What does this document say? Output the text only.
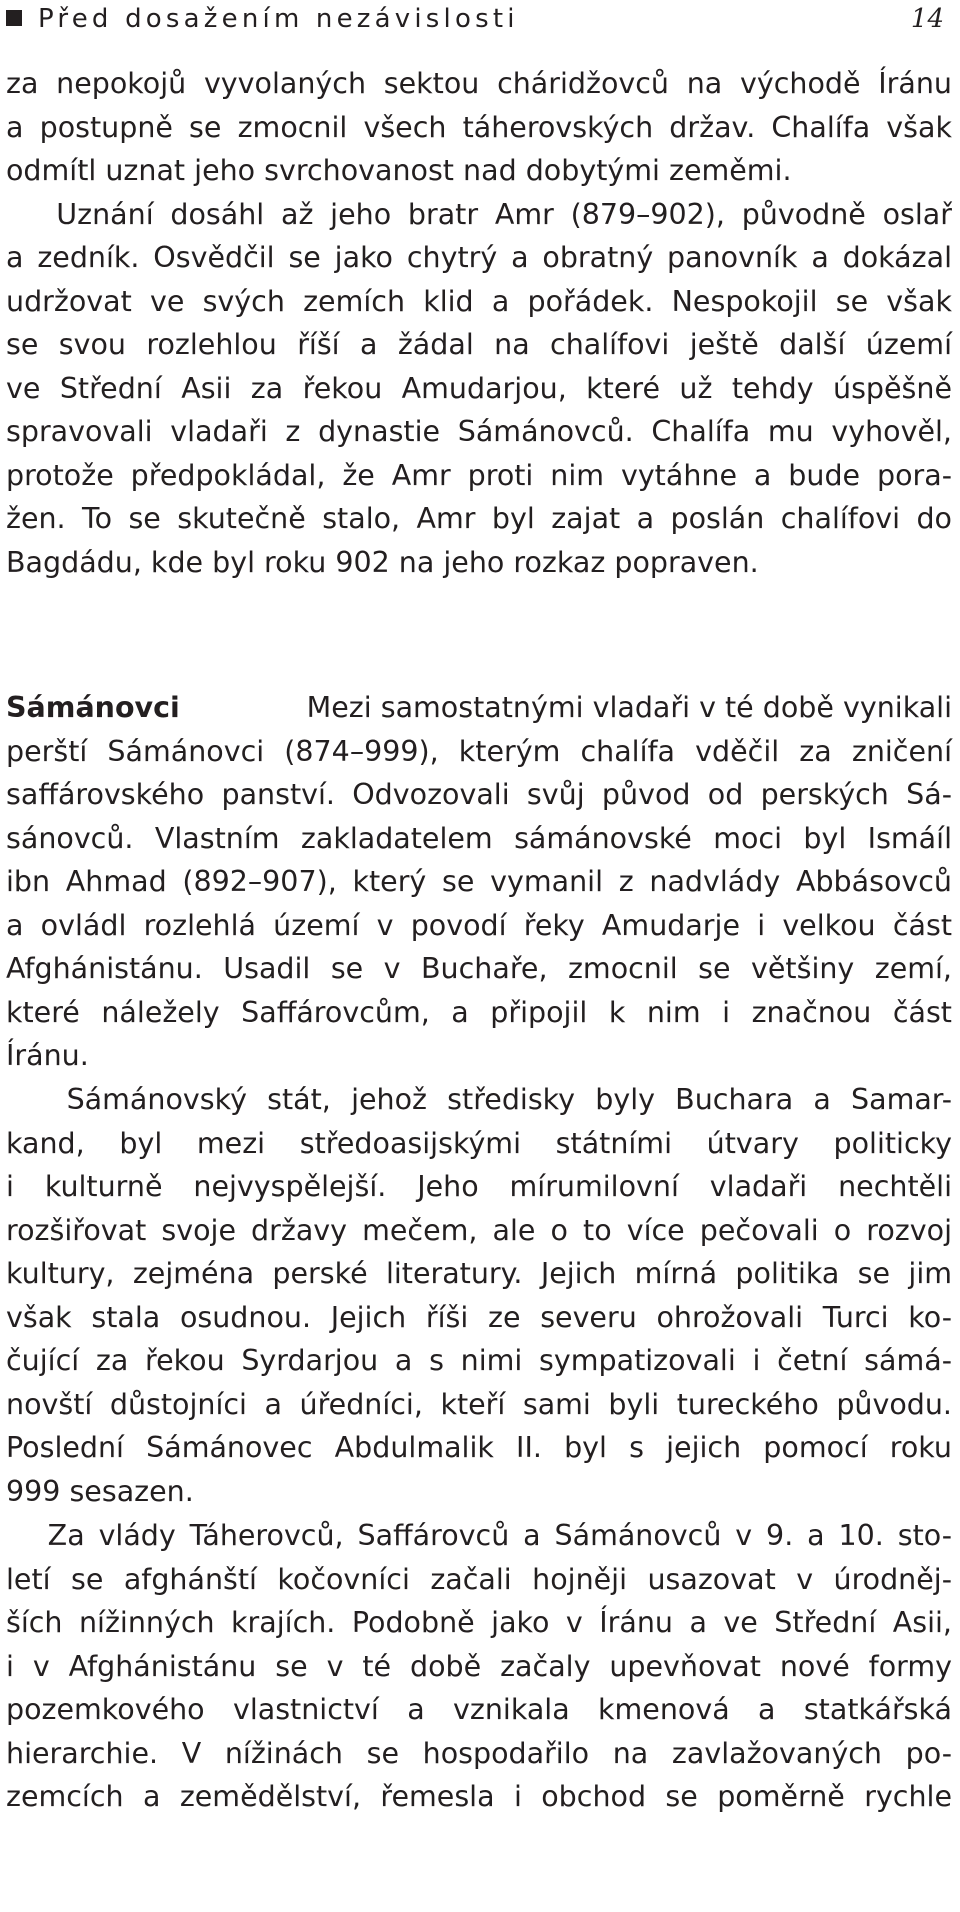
Před dosažením nezávislosti	14
za nepokojů vyvolaných sektou cháridžovců na východě Íránu
a postupně se zmocnil všech táherovských držav. Chalífa však
odmítl uznat jeho svrchovanost nad dobytými zeměmi.
Uznání dosáhl až jeho bratr Amr (879–902), původně oslař
a zedník. Osvědčil se jako chytrý a obratný panovník a dokázal
udržovat ve svých zemích klid a pořádek. Nespokojil se však
se svou rozlehlou říší a žádal na chalífovi ještě další území
ve Střední Asii za řekou Amudarjou, které už tehdy úspěšně
spravovali vladaři z dynastie Sámánovců. Chalífa mu vyhověl,
protože předpokládal, že Amr proti nim vytáhne a bude pora-
žen. To se skutečně stalo, Amr byl zajat a poslán chalífovi do
Bagdádu, kde byl roku 902 na jeho rozkaz popraven.
Sámánovci	Mezi samostatnými vladaři v té době vynikali
perští Sámánovci (874–999), kterým chalífa vděčil za zničení
saffárovského panství. Odvozovali svůj původ od perských Sá-
sánovců. Vlastním zakladatelem sámánovské moci byl Ismáíl
ibn Ahmad (892–907), který se vymanil z nadvlády Abbásovců
a ovládl rozlehlá území v povodí řeky Amudarje i velkou část
Afghánistánu. Usadil se v Buchaře, zmocnil se většiny zemí,
které náležely Saffárovcům, a připojil k nim i značnou část
Íránu.
Sámánovský stát, jehož středisky byly Buchara a Samar-
kand, byl mezi středoasijskými státními útvary politicky
i kulturně nejvyspělejší. Jeho mírumilovní vladaři nechtěli
rozšiřovat svoje državy mečem, ale o to více pečovali o rozvoj
kultury, zejména perské literatury. Jejich mírná politika se jim
však stala osudnou. Jejich říši ze severu ohrožovali Turci ko-
čující za řekou Syrdarjou a s nimi sympatizovali i četní sámá-
novští důstojníci a úředníci, kteří sami byli tureckého původu.
Poslední Sámánovec Abdulmalik II. byl s jejich pomocí roku
999 sesazen.
Za vlády Táherovců, Saffárovců a Sámánovců v 9. a 10. sto-
letí se afghánští kočovníci začali hojněji usazovat v úrodněj-
ších nížinných krajích. Podobně jako v Íránu a ve Střední Asii,
i v Afghánistánu se v té době začaly upevňovat nové formy
pozemkového vlastnictví a vznikala kmenová a statkářská
hierarchie. V nížinách se hospodařilo na zavlažovaných po-
zemcích a zemědělství, řemesla i obchod se poměrně rychle
